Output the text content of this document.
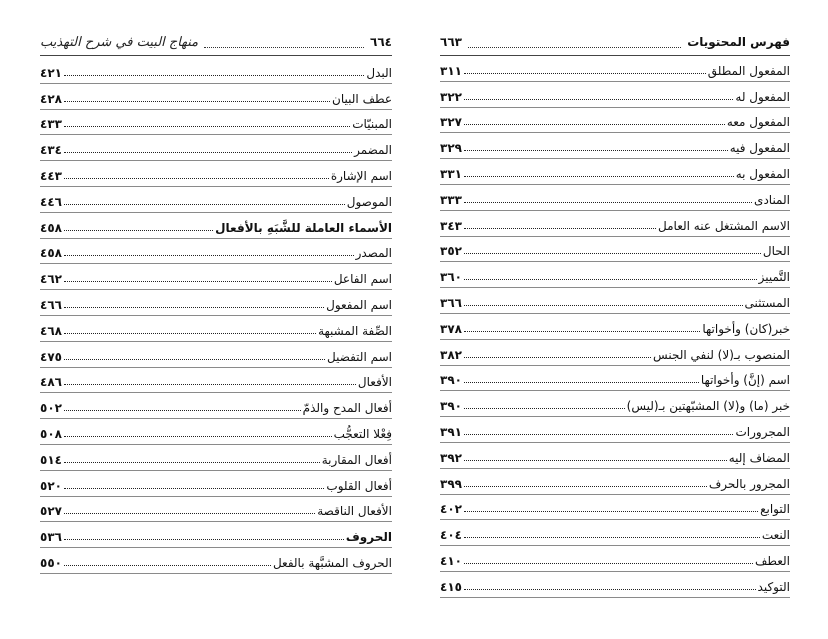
٦٦٤
منهاج البيت في شرح التهذيب
البدل
٤٢١
عطف البيان
٤٢٨
المبنيّات
٤٣٣
المضمر
٤٣٤
اسم الإشارة
٤٤٣
الموصول
٤٤٦
الأسماء العاملة للشَّبَهِ بالأفعال
٤٥٨
المصدر
٤٥٨
اسم الفاعل
٤٦٢
اسم المفعول
٤٦٦
الصِّفة المشبهة
٤٦٨
اسم التفضيل
٤٧٥
الأفعال
٤٨٦
أفعال المدح والذمّ
٥٠٢
فِعْلا التعجُّب
٥٠٨
أفعال المقاربة
٥١٤
أفعال القلوب
٥٢٠
الأفعال الناقصة
٥٢٧
الحروف
٥٣٦
الحروف المشبَّهة بالفعل
٥٥٠
فهرس المحتويات
٦٦٣
المفعول المطلق
٣١١
المفعول له
٣٢٢
المفعول معه
٣٢٧
المفعول فيه
٣٢٩
المفعول به
٣٣١
المنادى
٣٣٣
الاسم المشتغل عنه العامل
٣٤٣
الحال
٣٥٢
التَّمييز
٣٦٠
المستثنى
٣٦٦
خبر(كان) وأخواتها
٣٧٨
المنصوب بـ(لا) لنفي الجنس
٣٨٢
اسم (إنَّ) وأخواتها
٣٩٠
خبر (ما) و(لا) المشبّهتين بـ(ليس)
٣٩٠
المجرورات
٣٩١
المضاف إليه
٣٩٢
المجرور بالحرف
٣٩٩
التوابع
٤٠٢
النعت
٤٠٤
العطف
٤١٠
التوكيد
٤١٥
